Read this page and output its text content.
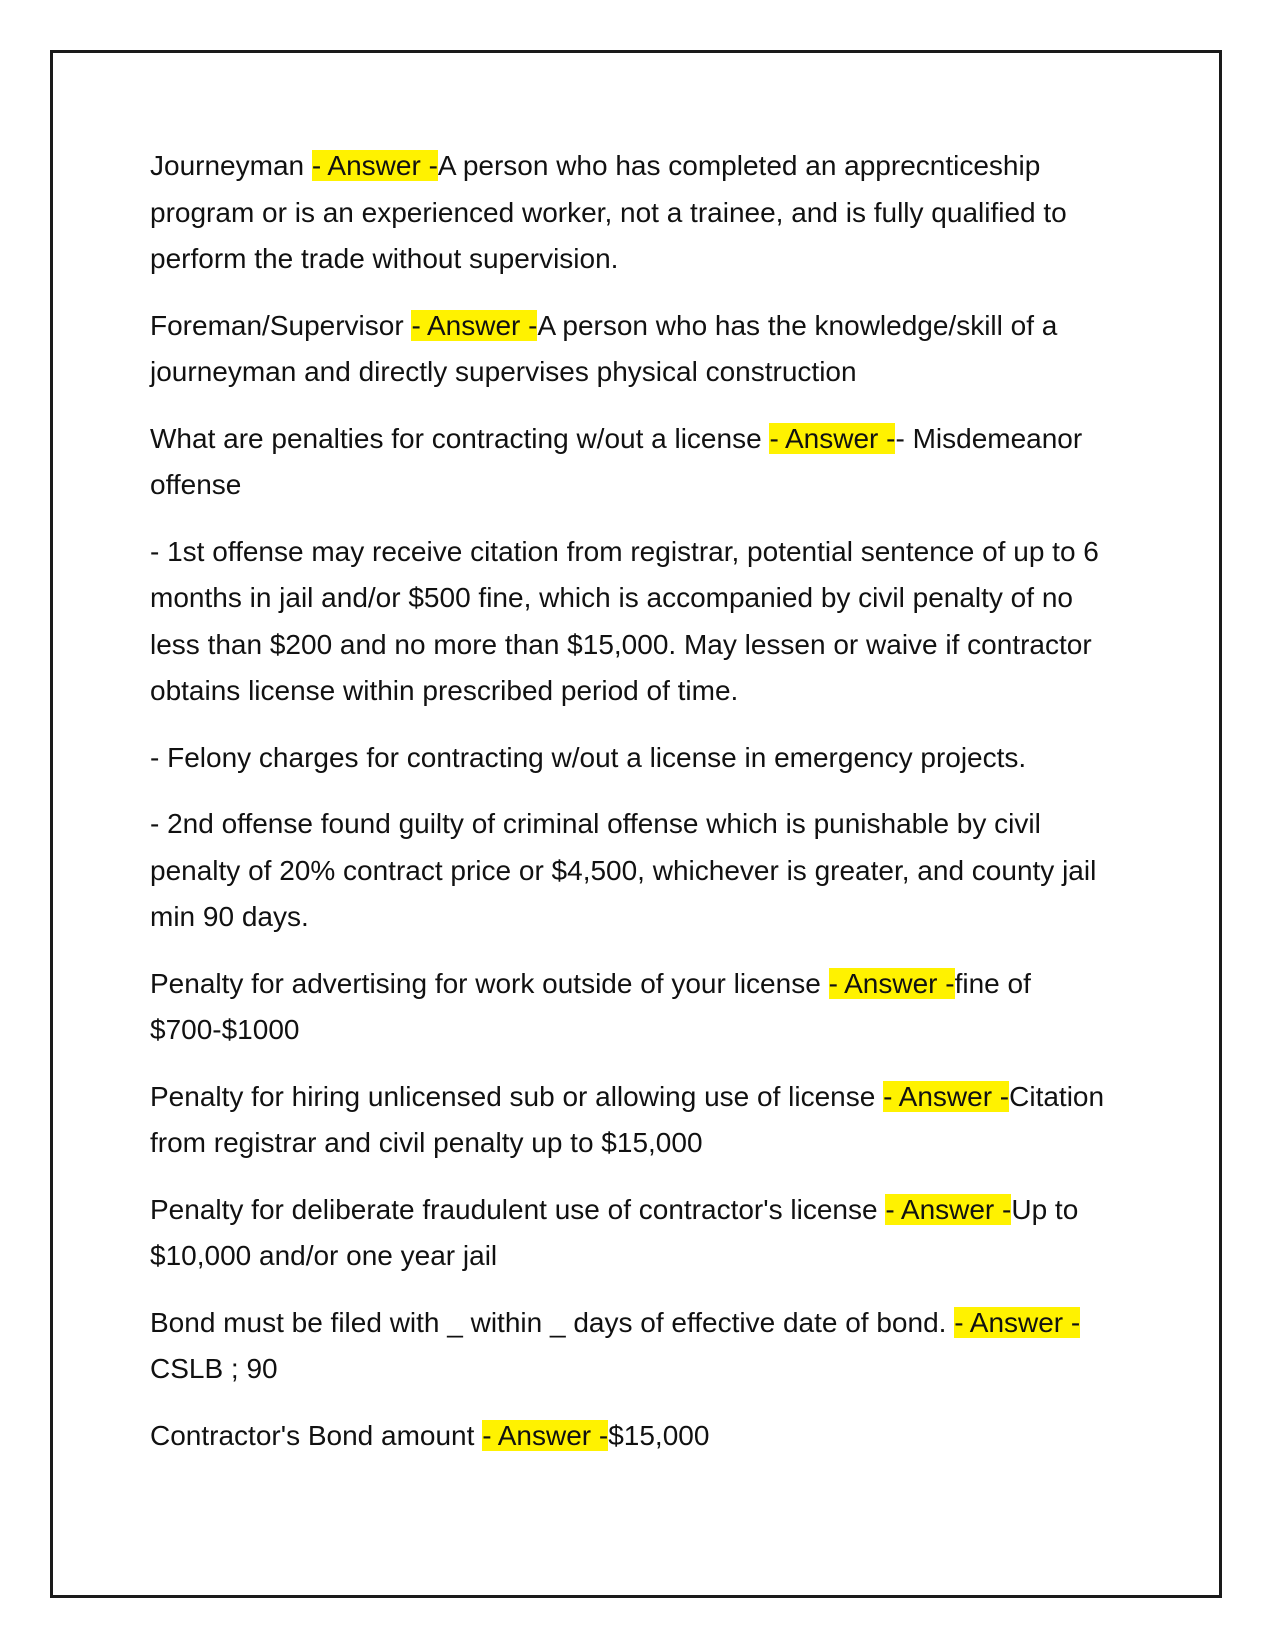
Journeyman - Answer -A person who has completed an apprecnticeship program or is an experienced worker, not a trainee, and is fully qualified to perform the trade without supervision.

Foreman/Supervisor - Answer -A person who has the knowledge/skill of a journeyman and directly supervises physical construction

What are penalties for contracting w/out a license - Answer -- Misdemeanor offense

- 1st offense may receive citation from registrar, potential sentence of up to 6 months in jail and/or $500 fine, which is accompanied by civil penalty of no less than $200 and no more than $15,000. May lessen or waive if contractor obtains license within prescribed period of time.

- Felony charges for contracting w/out a license in emergency projects.

- 2nd offense found guilty of criminal offense which is punishable by civil penalty of 20% contract price or $4,500, whichever is greater, and county jail min 90 days.

Penalty for advertising for work outside of your license - Answer -fine of $700-$1000

Penalty for hiring unlicensed sub or allowing use of license - Answer -Citation from registrar and civil penalty up to $15,000

Penalty for deliberate fraudulent use of contractor's license - Answer -Up to $10,000 and/or one year jail

Bond must be filed with _ within _ days of effective date of bond. - Answer -CSLB ; 90

Contractor's Bond amount - Answer -$15,000
